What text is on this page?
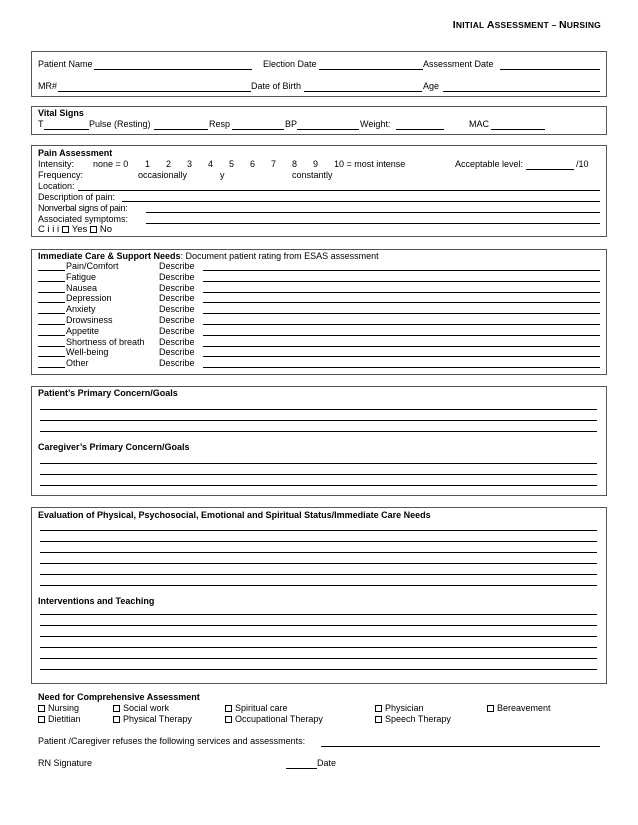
INITIAL ASSESSMENT – NURSING
Patient Name	Election Date	Assessment Date
MR#	Date of Birth	Age
Vital Signs
T	Pulse (Resting)	Resp	BP	Weight:	MAC
Pain Assessment
Intensity: none = 0 1 2 3 4 5 6 7 8 9 10 = most intense	Acceptable level:	/10
Frequency:	occasionally	y	constantly
Location:
Description of pain:
Nonverbal signs of pain:
Associated symptoms:
C i i i Yes No
Immediate Care & Support Needs: Document patient rating from ESAS assessment
Pain/Comfort	Describe
Fatigue	Describe
Nausea	Describe
Depression	Describe
Anxiety	Describe
Drowsiness	Describe
Appetite	Describe
Shortness of breath Describe
Well-being	Describe
Other	Describe
Patient’s Primary Concern/Goals
Caregiver’s Primary Concern/Goals
Evaluation of Physical, Psychosocial, Emotional and Spiritual Status/Immediate Care Needs
Interventions and Teaching
Need for Comprehensive Assessment
Nursing	Social work	Spiritual care	Physician	Bereavement
Dietitian	Physical Therapy	Occupational Therapy	Speech Therapy
Patient /Caregiver refuses the following services and assessments:
RN Signature	Date
